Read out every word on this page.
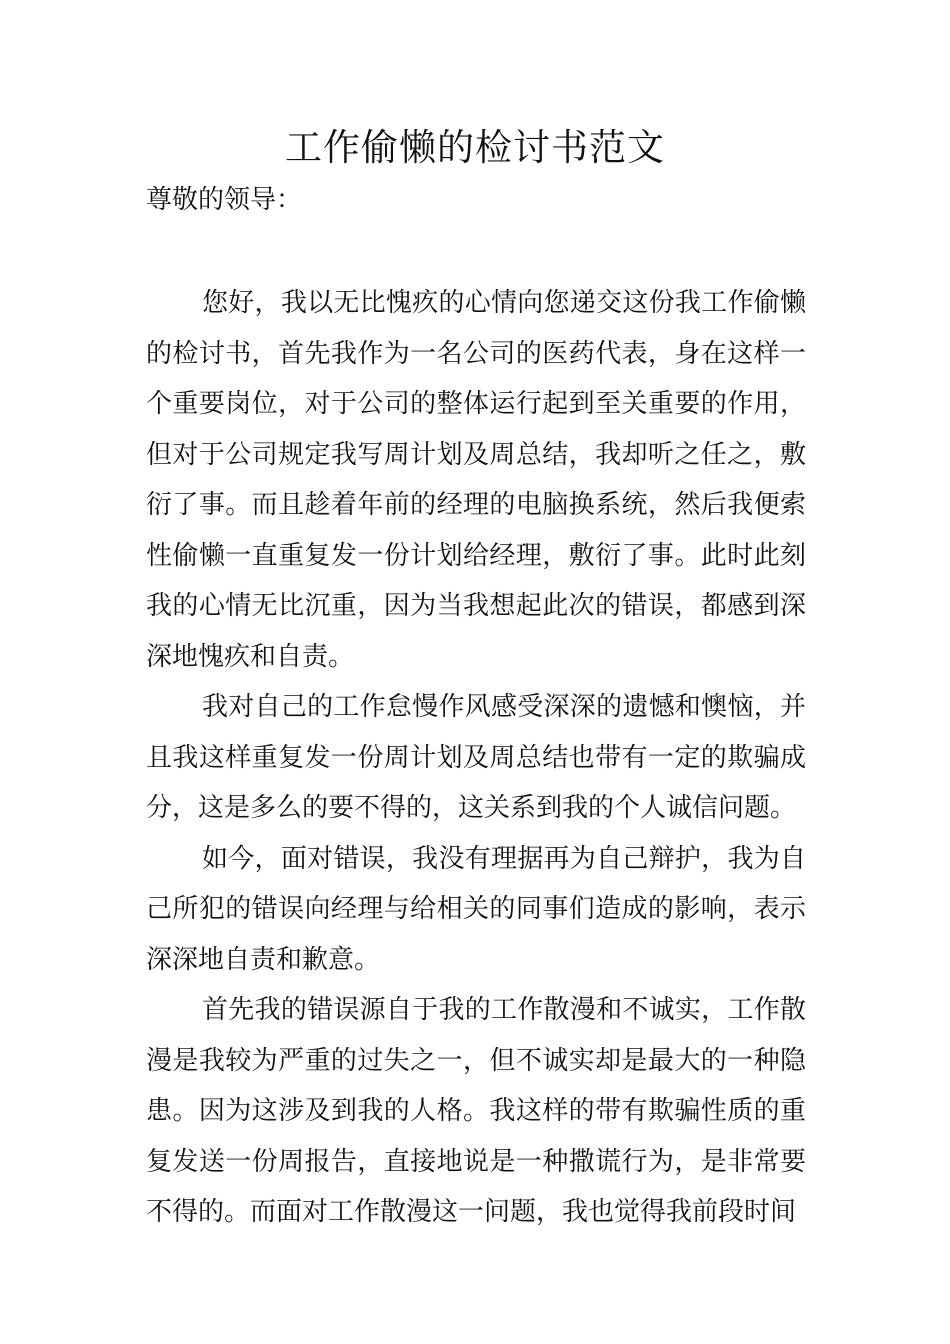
工作偷懒的检讨书范文

尊敬的领导：

您好，我以无比愧疚的心情向您递交这份我工作偷懒的检讨书，首先我作为一名公司的医药代表，身在这样一个重要岗位，对于公司的整体运行起到至关重要的作用，但对于公司规定我写周计划及周总结，我却听之任之，敷衍了事。而且趁着年前的经理的电脑换系统，然后我便索性偷懒一直重复发一份计划给经理，敷衍了事。此时此刻我的心情无比沉重，因为当我想起此次的错误，都感到深深地愧疚和自责。

我对自己的工作怠慢作风感受深深的遗憾和懊恼，并且我这样重复发一份周计划及周总结也带有一定的欺骗成分，这是多么的要不得的，这关系到我的个人诚信问题。

如今，面对错误，我没有理据再为自己辩护，我为自己所犯的错误向经理与给相关的同事们造成的影响，表示深深地自责和歉意。

首先我的错误源自于我的工作散漫和不诚实，工作散漫是我较为严重的过失之一，但不诚实却是最大的一种隐患。因为这涉及到我的人格。我这样的带有欺骗性质的重复发送一份周报告，直接地说是一种撒谎行为，是非常要不得的。而面对工作散漫这一问题，我也觉得我前段时间
